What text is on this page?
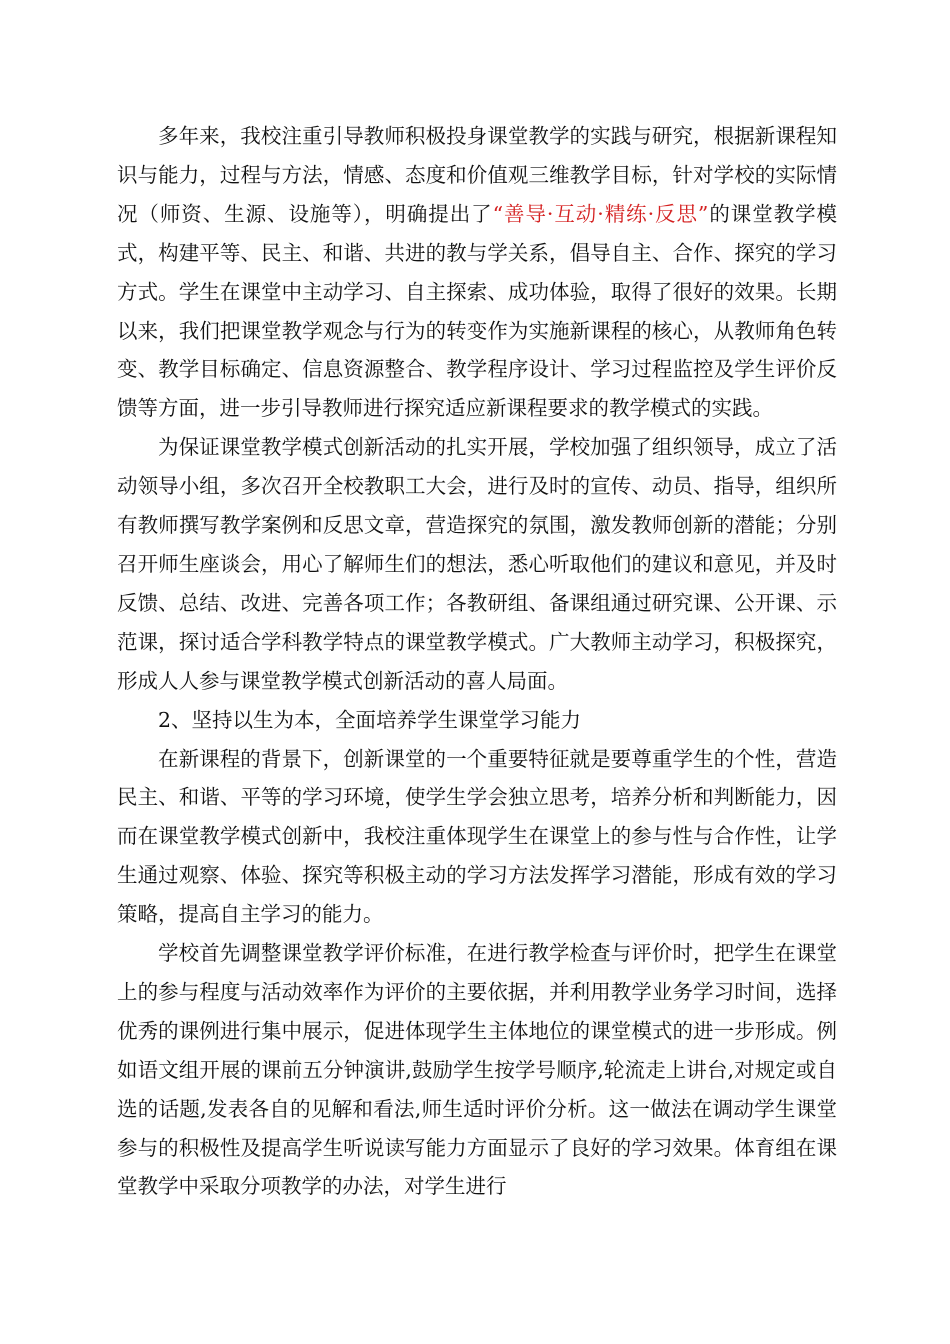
多年来，我校注重引导教师积极投身课堂教学的实践与研究，根据新课程知识与能力，过程与方法，情感、态度和价值观三维教学目标，针对学校的实际情况（师资、生源、设施等），明确提出了“善导·互动·精练·反思”的课堂教学模式，构建平等、民主、和谐、共进的教与学关系，倡导自主、合作、探究的学习方式。学生在课堂中主动学习、自主探索、成功体验，取得了很好的效果。长期以来，我们把课堂教学观念与行为的转变作为实施新课程的核心，从教师角色转变、教学目标确定、信息资源整合、教学程序设计、学习过程监控及学生评价反馈等方面，进一步引导教师进行探究适应新课程要求的教学模式的实践。

为保证课堂教学模式创新活动的扎实开展，学校加强了组织领导，成立了活动领导小组，多次召开全校教职工大会，进行及时的宣传、动员、指导，组织所有教师撰写教学案例和反思文章，营造探究的氛围，激发教师创新的潜能；分别召开师生座谈会，用心了解师生们的想法，悉心听取他们的建议和意见，并及时反馈、总结、改进、完善各项工作；各教研组、备课组通过研究课、公开课、示范课，探讨适合学科教学特点的课堂教学模式。广大教师主动学习，积极探究，形成人人参与课堂教学模式创新活动的喜人局面。

2、坚持以生为本，全面培养学生课堂学习能力

在新课程的背景下，创新课堂的一个重要特征就是要尊重学生的个性，营造民主、和谐、平等的学习环境，使学生学会独立思考，培养分析和判断能力，因而在课堂教学模式创新中，我校注重体现学生在课堂上的参与性与合作性，让学生通过观察、体验、探究等积极主动的学习方法发挥学习潜能，形成有效的学习策略，提高自主学习的能力。

学校首先调整课堂教学评价标准，在进行教学检查与评价时，把学生在课堂上的参与程度与活动效率作为评价的主要依据，并利用教学业务学习时间，选择优秀的课例进行集中展示，促进体现学生主体地位的课堂模式的进一步形成。例如语文组开展的课前五分钟演讲,鼓励学生按学号顺序,轮流走上讲台,对规定或自选的话题,发表各自的见解和看法,师生适时评价分析。这一做法在调动学生课堂参与的积极性及提高学生听说读写能力方面显示了良好的学习效果。体育组在课堂教学中采取分项教学的办法，对学生进行
